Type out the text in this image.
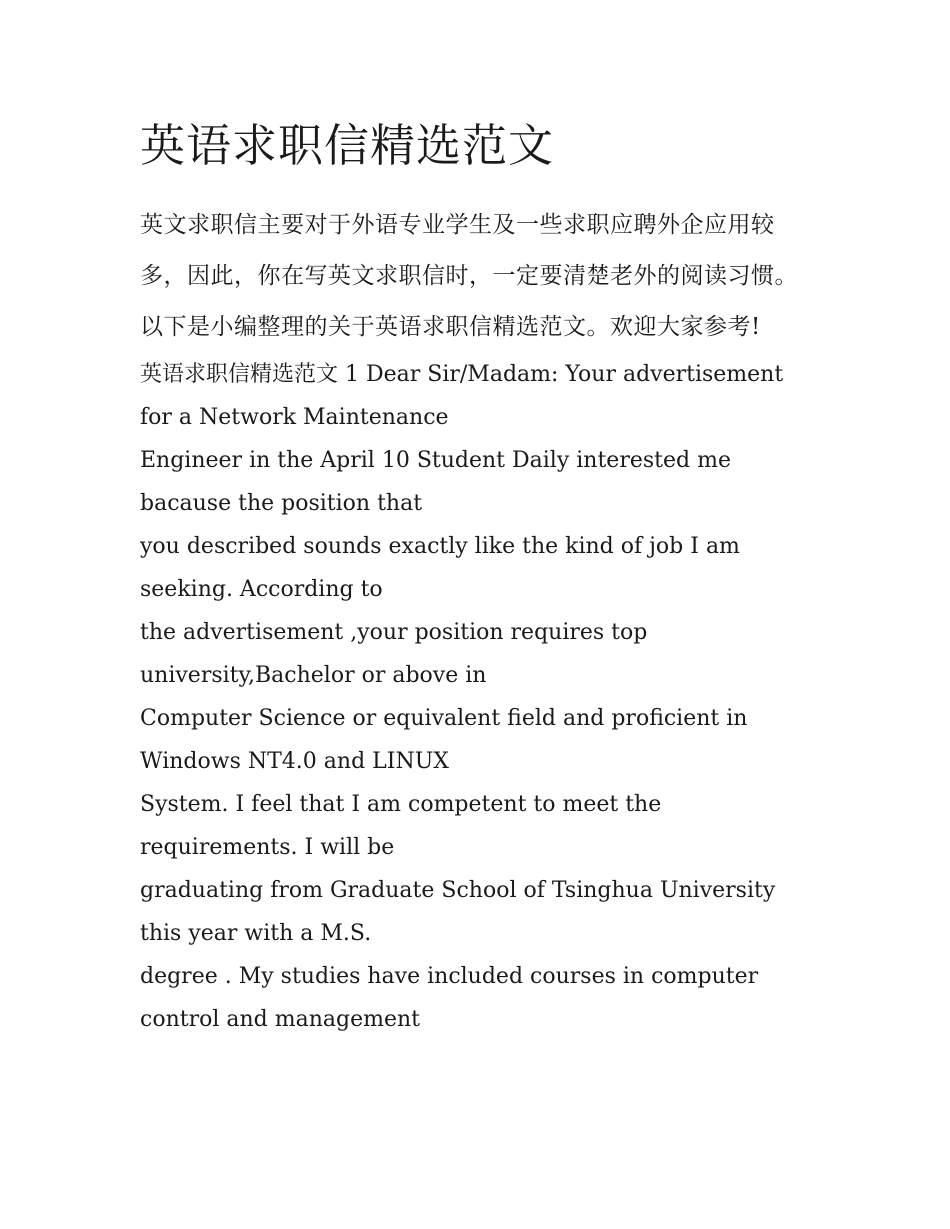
英语求职信精选范文

英文求职信主要对于外语专业学生及一些求职应聘外企应用较多，因此，你在写英文求职信时，一定要清楚老外的阅读习惯。以下是小编整理的关于英语求职信精选范文。欢迎大家参考!

英语求职信精选范文 1 Dear Sir/Madam: Your advertisement for a Network Maintenance
Engineer in the April 10 Student Daily interested me bacause the position that
you described sounds exactly like the kind of job I am seeking. According to
the advertisement ,your position requires top university,Bachelor or above in
Computer Science or equivalent field and proficient in Windows NT4.0 and LINUX
System. I feel that I am competent to meet the requirements. I will be
graduating from Graduate School of Tsinghua University this year with a M.S.
degree . My studies have included courses in computer control and management
